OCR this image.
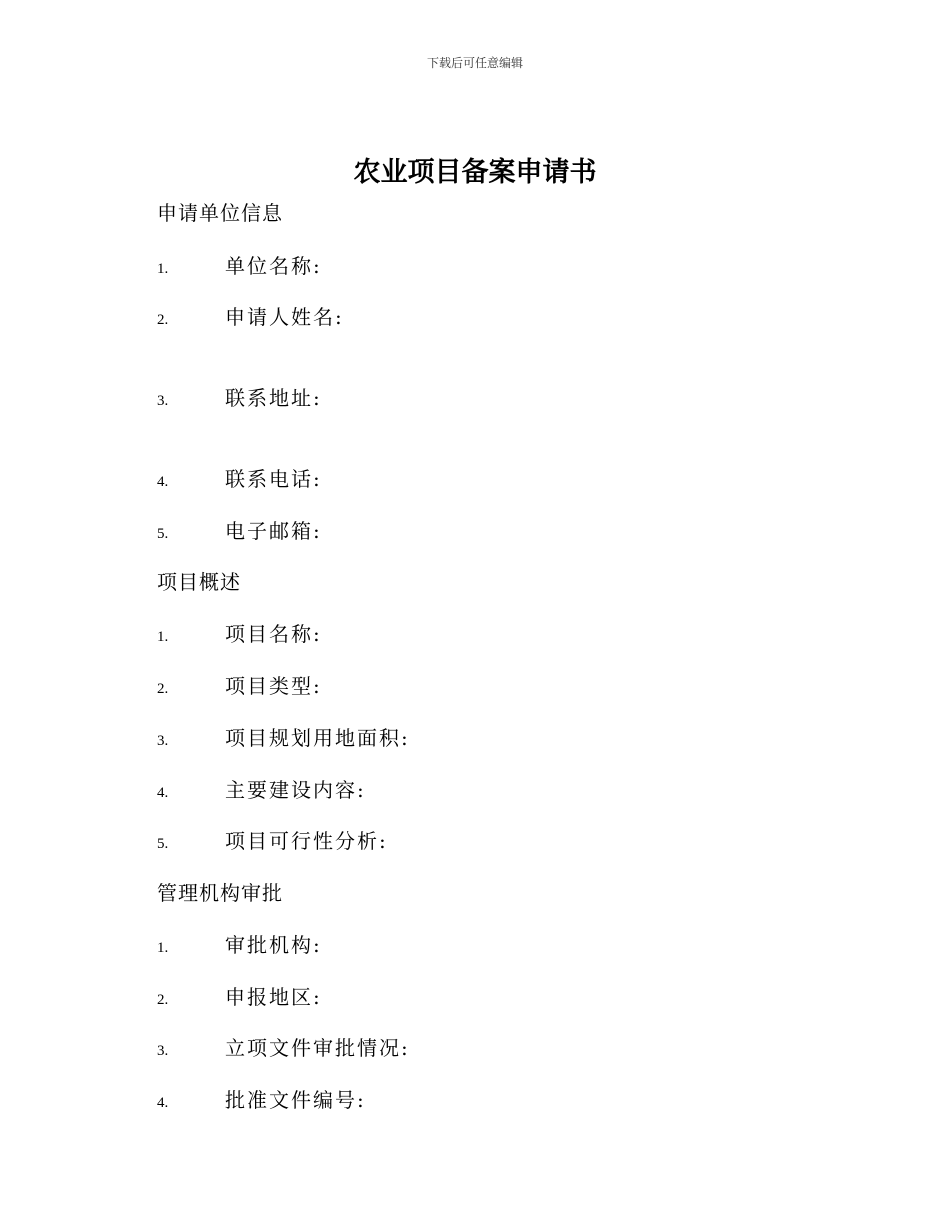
下载后可任意编辑
农业项目备案申请书
申请单位信息
1.	单位名称:
2.	申请人姓名:
3.	联系地址:
4.	联系电话:
5.	电子邮箱:
项目概述
1.	项目名称:
2.	项目类型:
3.	项目规划用地面积:
4.	主要建设内容:
5.	项目可行性分析:
管理机构审批
1.	审批机构:
2.	申报地区:
3.	立项文件审批情况:
4.	批准文件编号:
